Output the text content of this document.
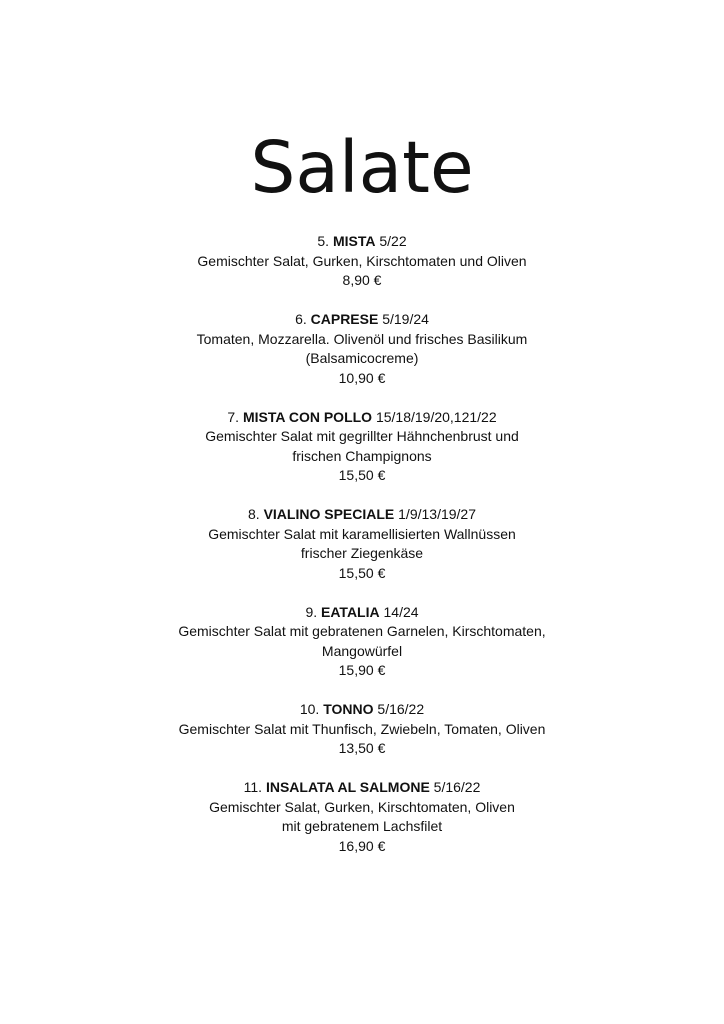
Salate
5. MISTA 5/22
Gemischter Salat, Gurken, Kirschtomaten und Oliven
8,90 €
6. CAPRESE 5/19/24
Tomaten, Mozzarella. Olivenöl und frisches Basilikum
(Balsamicocreme)
10,90 €
7. MISTA CON POLLO 15/18/19/20,121/22
Gemischter Salat mit gegrillter Hähnchenbrust und
frischen Champignons
15,50 €
8. VIALINO SPECIALE 1/9/13/19/27
Gemischter Salat mit karamellisierten Wallnüssen
frischer Ziegenkäse
15,50 €
9. EATALIA 14/24
Gemischter Salat mit gebratenen Garnelen, Kirschtomaten,
Mangowürfel
15,90 €
10. TONNO 5/16/22
Gemischter Salat mit Thunfisch, Zwiebeln, Tomaten, Oliven
13,50 €
11. INSALATA AL SALMONE 5/16/22
Gemischter Salat, Gurken, Kirschtomaten, Oliven
mit gebratenem Lachsfilet
16,90 €
